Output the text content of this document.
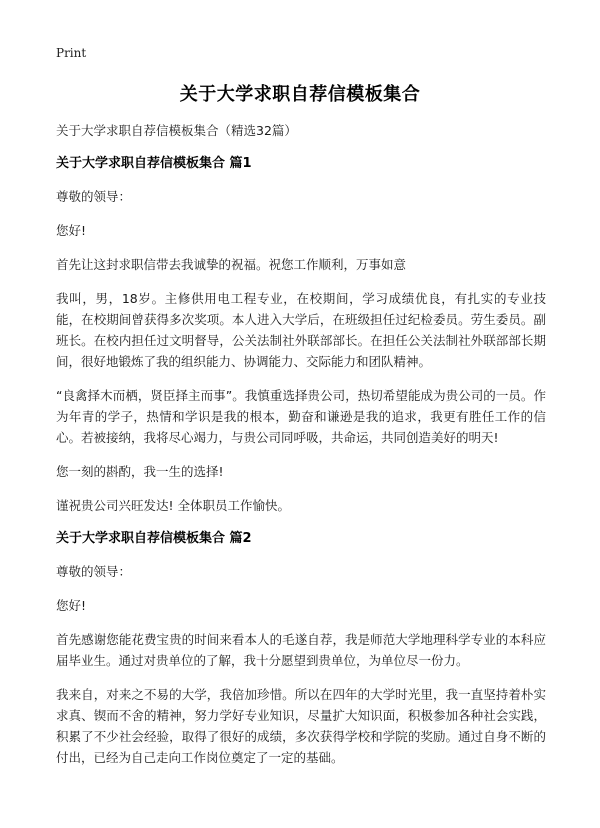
Print
关于大学求职自荐信模板集合

关于大学求职自荐信模板集合（精选32篇）

关于大学求职自荐信模板集合 篇1

尊敬的领导：

您好!

首先让这封求职信带去我诚挚的祝福。祝您工作顺利，万事如意

我叫，男，18岁。主修供用电工程专业，在校期间，学习成绩优良，有扎实的专业技能，在校期间曾获得多次奖项。本人进入大学后，在班级担任过纪检委员。劳生委员。副班长。在校内担任过文明督导，公关法制社外联部部长。在担任公关法制社外联部部长期间，很好地锻炼了我的组织能力、协调能力、交际能力和团队精神。

“良禽择木而栖，贤臣择主而事”。我慎重选择贵公司，热切希望能成为贵公司的一员。作为年青的学子，热情和学识是我的根本，勤奋和谦逊是我的追求，我更有胜任工作的信心。若被接纳，我将尽心竭力，与贵公司同呼吸，共命运，共同创造美好的明天!

您一刻的斟酌，我一生的选择!

谨祝贵公司兴旺发达! 全体职员工作愉快。

关于大学求职自荐信模板集合 篇2

尊敬的领导：

您好!

首先感谢您能花费宝贵的时间来看本人的毛遂自荐，我是师范大学地理科学专业的本科应届毕业生。通过对贵单位的了解，我十分愿望到贵单位，为单位尽一份力。

我来自，对来之不易的大学，我倍加珍惜。所以在四年的大学时光里，我一直坚持着朴实求真、锲而不舍的精神，努力学好专业知识，尽量扩大知识面，积极参加各种社会实践，积累了不少社会经验，取得了很好的成绩，多次获得学校和学院的奖励。通过自身不断的付出，已经为自己走向工作岗位奠定了一定的基础。
